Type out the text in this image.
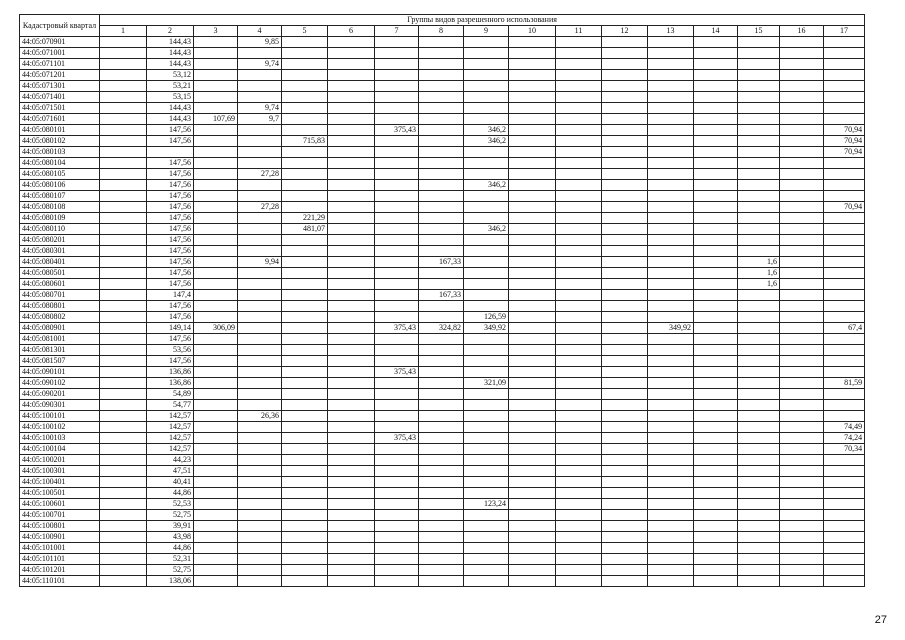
Кадастровый квартал	Группы видов разрешенного использования																
	1	2	3	4	5	6	7	8	9	10	11	12	13	14	15	16	17
44:05:070901		144,43		9,85													
44:05:071001		144,43															
44:05:071101		144,43		9,74													
44:05:071201		53,12															
44:05:071301		53,21															
44:05:071401		53,15															
44:05:071501		144,43		9,74													
44:05:071601		144,43	107,69	9,7													
44:05:080101		147,56					375,43		346,2								70,94
44:05:080102		147,56			715,83				346,2								70,94
44:05:080103																	70,94
44:05:080104		147,56															
44:05:080105		147,56		27,28													
44:05:080106		147,56							346,2								
44:05:080107		147,56															
44:05:080108		147,56		27,28													70,94
44:05:080109		147,56			221,29												
44:05:080110		147,56			481,07				346,2								
44:05:080201		147,56															
44:05:080301		147,56															
44:05:080401		147,56		9,94				167,33							1,6		
44:05:080501		147,56													1,6		
44:05:080601		147,56													1,6		
44:05:080701		147,4						167,33									
44:05:080801		147,56															
44:05:080802		147,56							126,59								
44:05:080901		149,14	306,09				375,43	324,82	349,92				349,92				67,4
44:05:081001		147,56															
44:05:081301		53,56															
44:05:081507		147,56															
44:05:090101		136,86					375,43										
44:05:090102		136,86							321,09								81,59
44:05:090201		54,89															
44:05:090301		54,77															
44:05:100101		142,57		26,36													
44:05:100102		142,57															74,49
44:05:100103		142,57					375,43										74,24
44:05:100104		142,57															70,34
44:05:100201		44,23															
44:05:100301		47,51															
44:05:100401		40,41															
44:05:100501		44,86															
44:05:100601		52,53							123,24								
44:05:100701		52,75															
44:05:100801		39,91															
44:05:100901		43,98															
44:05:101001		44,86															
44:05:101101		52,31															
44:05:101201		52,75															
44:05:110101		138,06															
27
